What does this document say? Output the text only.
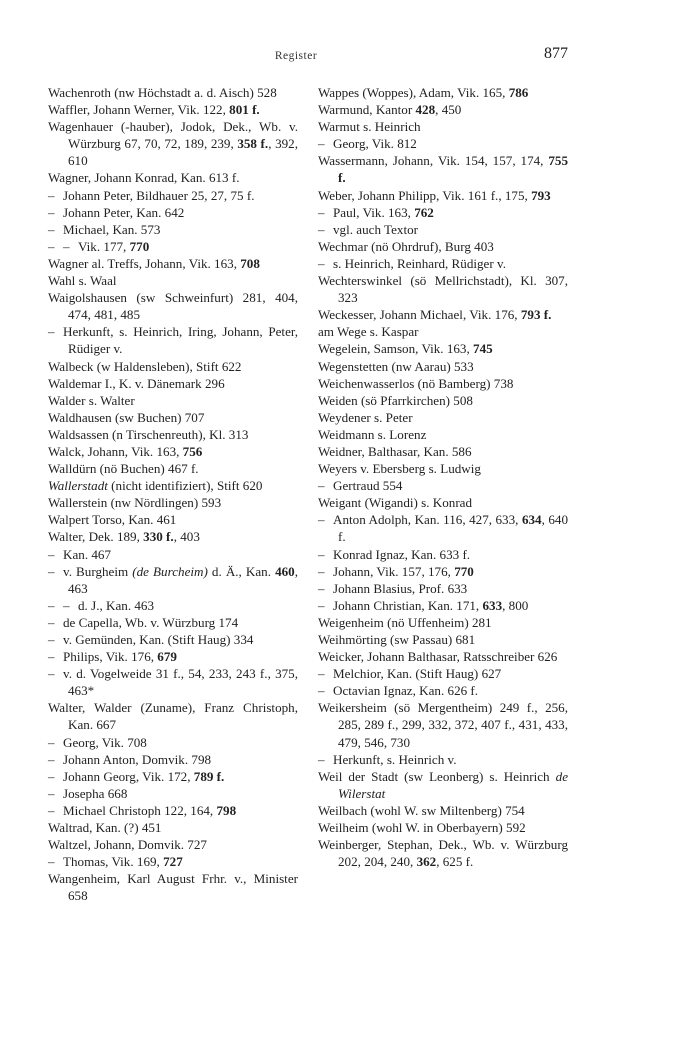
Register	877
Wachenroth (nw Höchstadt a. d. Aisch) 528
Waffler, Johann Werner, Vik. 122, 801 f.
Wagenhauer (-hauber), Jodok, Dek., Wb. v. Würzburg 67, 70, 72, 189, 239, 358 f., 392, 610
Wagner, Johann Konrad, Kan. 613 f.
– Johann Peter, Bildhauer 25, 27, 75 f.
– Johann Peter, Kan. 642
– Michael, Kan. 573
– – Vik. 177, 770
Wagner al. Treffs, Johann, Vik. 163, 708
Wahl s. Waal
Waigolshausen (sw Schweinfurt) 281, 404, 474, 481, 485
– Herkunft, s. Heinrich, Iring, Johann, Peter, Rüdiger v.
Walbeck (w Haldensleben), Stift 622
Waldemar I., K. v. Dänemark 296
Walder s. Walter
Waldhausen (sw Buchen) 707
Waldsassen (n Tirschenreuth), Kl. 313
Walck, Johann, Vik. 163, 756
Walldürn (nö Buchen) 467 f.
Wallerstadt (nicht identifiziert), Stift 620
Wallerstein (nw Nördlingen) 593
Walpert Torso, Kan. 461
Walter, Dek. 189, 330 f., 403
– Kan. 467
– v. Burgheim (de Burcheim) d. Ä., Kan. 460, 463
– – d. J., Kan. 463
– de Capella, Wb. v. Würzburg 174
– v. Gemünden, Kan. (Stift Haug) 334
– Philips, Vik. 176, 679
– v. d. Vogelweide 31 f., 54, 233, 243 f., 375, 463*
Walter, Walder (Zuname), Franz Christoph, Kan. 667
– Georg, Vik. 708
– Johann Anton, Domvik. 798
– Johann Georg, Vik. 172, 789 f.
– Josepha 668
– Michael Christoph 122, 164, 798
Waltrad, Kan. (?) 451
Waltzel, Johann, Domvik. 727
– Thomas, Vik. 169, 727
Wangenheim, Karl August Frhr. v., Minister 658
Wappes (Woppes), Adam, Vik. 165, 786
Warmund, Kantor 428, 450
Warmut s. Heinrich
– Georg, Vik. 812
Wassermann, Johann, Vik. 154, 157, 174, 755 f.
Weber, Johann Philipp, Vik. 161 f., 175, 793
– Paul, Vik. 163, 762
– vgl. auch Textor
Wechmar (nö Ohrdruf), Burg 403
– s. Heinrich, Reinhard, Rüdiger v.
Wechterswinkel (sö Mellrichstadt), Kl. 307, 323
Weckesser, Johann Michael, Vik. 176, 793 f.
am Wege s. Kaspar
Wegelein, Samson, Vik. 163, 745
Wegenstetten (nw Aarau) 533
Weichenwasserlos (nö Bamberg) 738
Weiden (sö Pfarrkirchen) 508
Weydener s. Peter
Weidmann s. Lorenz
Weidner, Balthasar, Kan. 586
Weyers v. Ebersberg s. Ludwig
– Gertraud 554
Weigant (Wigandi) s. Konrad
– Anton Adolph, Kan. 116, 427, 633, 634, 640 f.
– Konrad Ignaz, Kan. 633 f.
– Johann, Vik. 157, 176, 770
– Johann Blasius, Prof. 633
– Johann Christian, Kan. 171, 633, 800
Weigenheim (nö Uffenheim) 281
Weihmörting (sw Passau) 681
Weicker, Johann Balthasar, Ratsschreiber 626
– Melchior, Kan. (Stift Haug) 627
– Octavian Ignaz, Kan. 626 f.
Weikersheim (sö Mergentheim) 249 f., 256, 285, 289 f., 299, 332, 372, 407 f., 431, 433, 479, 546, 730
– Herkunft, s. Heinrich v.
Weil der Stadt (sw Leonberg) s. Heinrich de Wilerstat
Weilbach (wohl W. sw Miltenberg) 754
Weilheim (wohl W. in Oberbayern) 592
Weinberger, Stephan, Dek., Wb. v. Würzburg 202, 204, 240, 362, 625 f.
